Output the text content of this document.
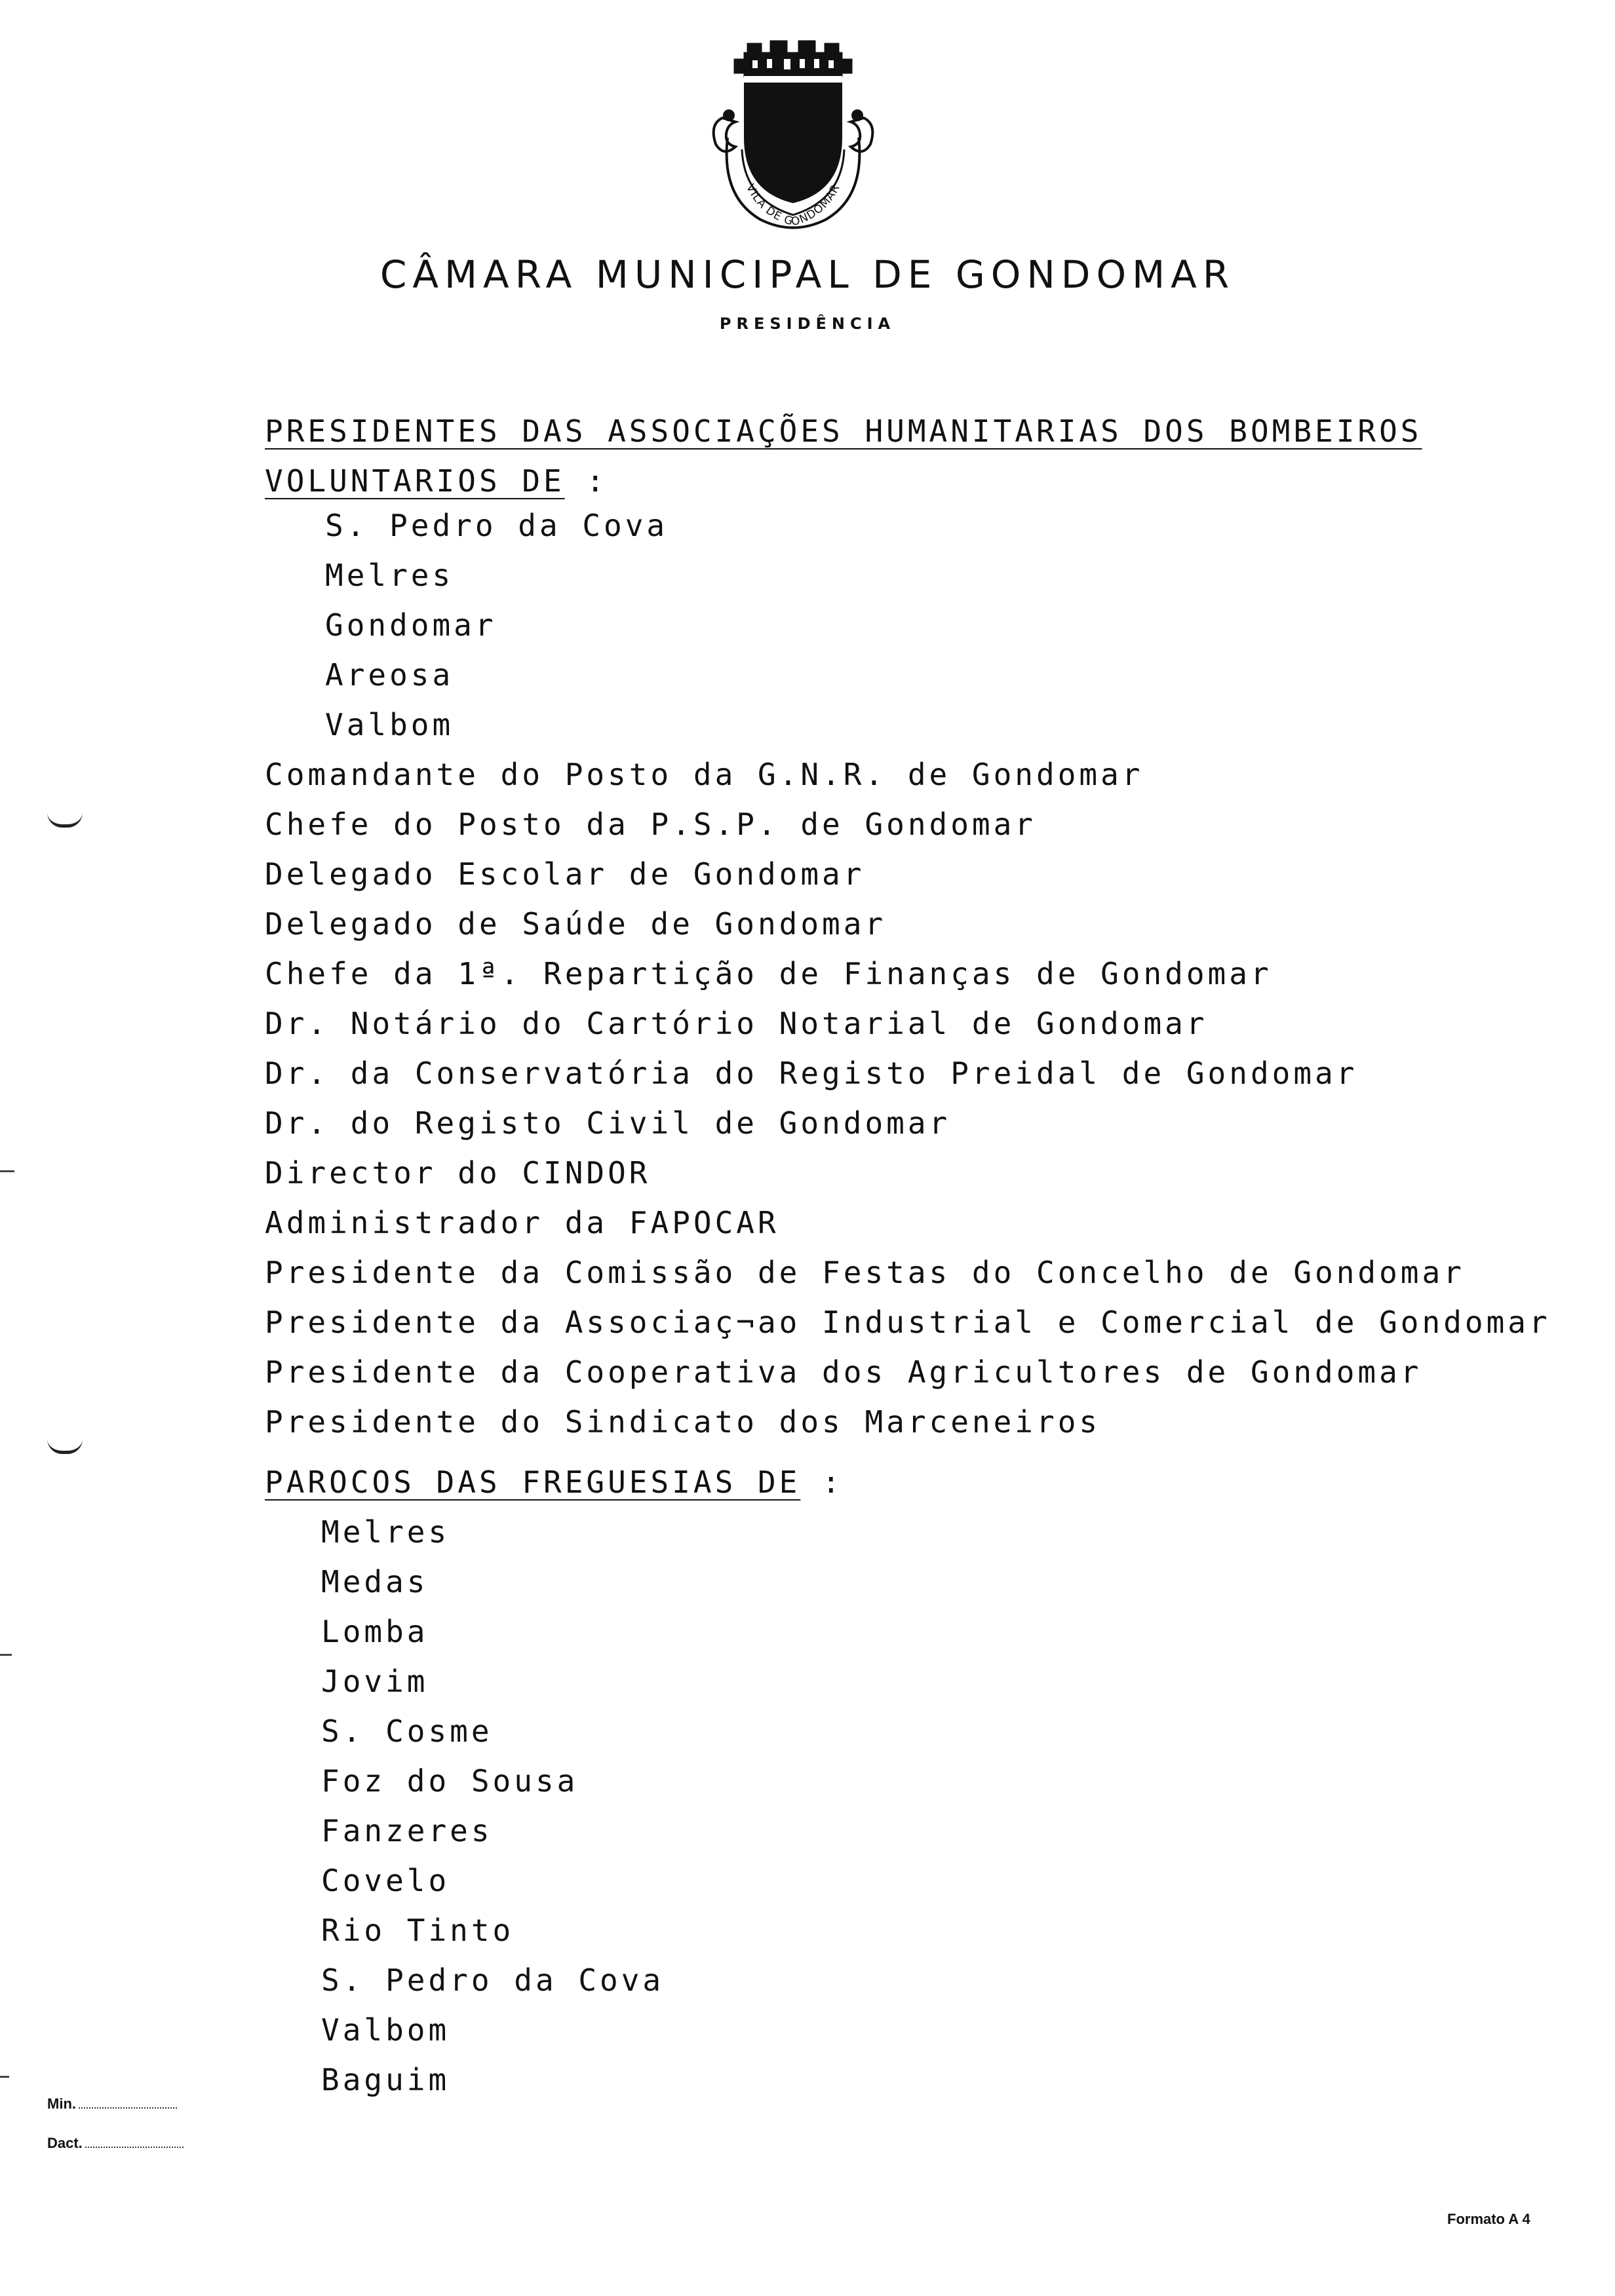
VILA DE GONDOMAR
CÂMARA MUNICIPAL DE GONDOMAR
PRESIDÊNCIA
PRESIDENTES DAS ASSOCIAÇÕES HUMANITARIAS DOS BOMBEIROS
VOLUNTARIOS DE :
S. Pedro da Cova
Melres
Gondomar
Areosa
Valbom
Comandante do Posto da G.N.R. de Gondomar
Chefe do Posto da P.S.P. de Gondomar
Delegado Escolar de Gondomar
Delegado de Saúde de Gondomar
Chefe da 1ª. Repartição de Finanças de Gondomar
Dr. Notário do Cartório Notarial de Gondomar
Dr. da Conservatória do Registo Preidal de Gondomar
Dr. do Registo Civil de Gondomar
Director do CINDOR
Administrador da FAPOCAR
Presidente da Comissão de Festas do Concelho de Gondomar
Presidente da Associaç¬ao Industrial e Comercial de Gondomar
Presidente da Cooperativa dos Agricultores de Gondomar
Presidente do Sindicato dos Marceneiros
PAROCOS DAS FREGUESIAS DE :
Melres
Medas
Lomba
Jovim
S. Cosme
Foz do Sousa
Fanzeres
Covelo
Rio Tinto
S. Pedro da Cova
Valbom
Baguim
Min.
Dact.
Formato A 4
